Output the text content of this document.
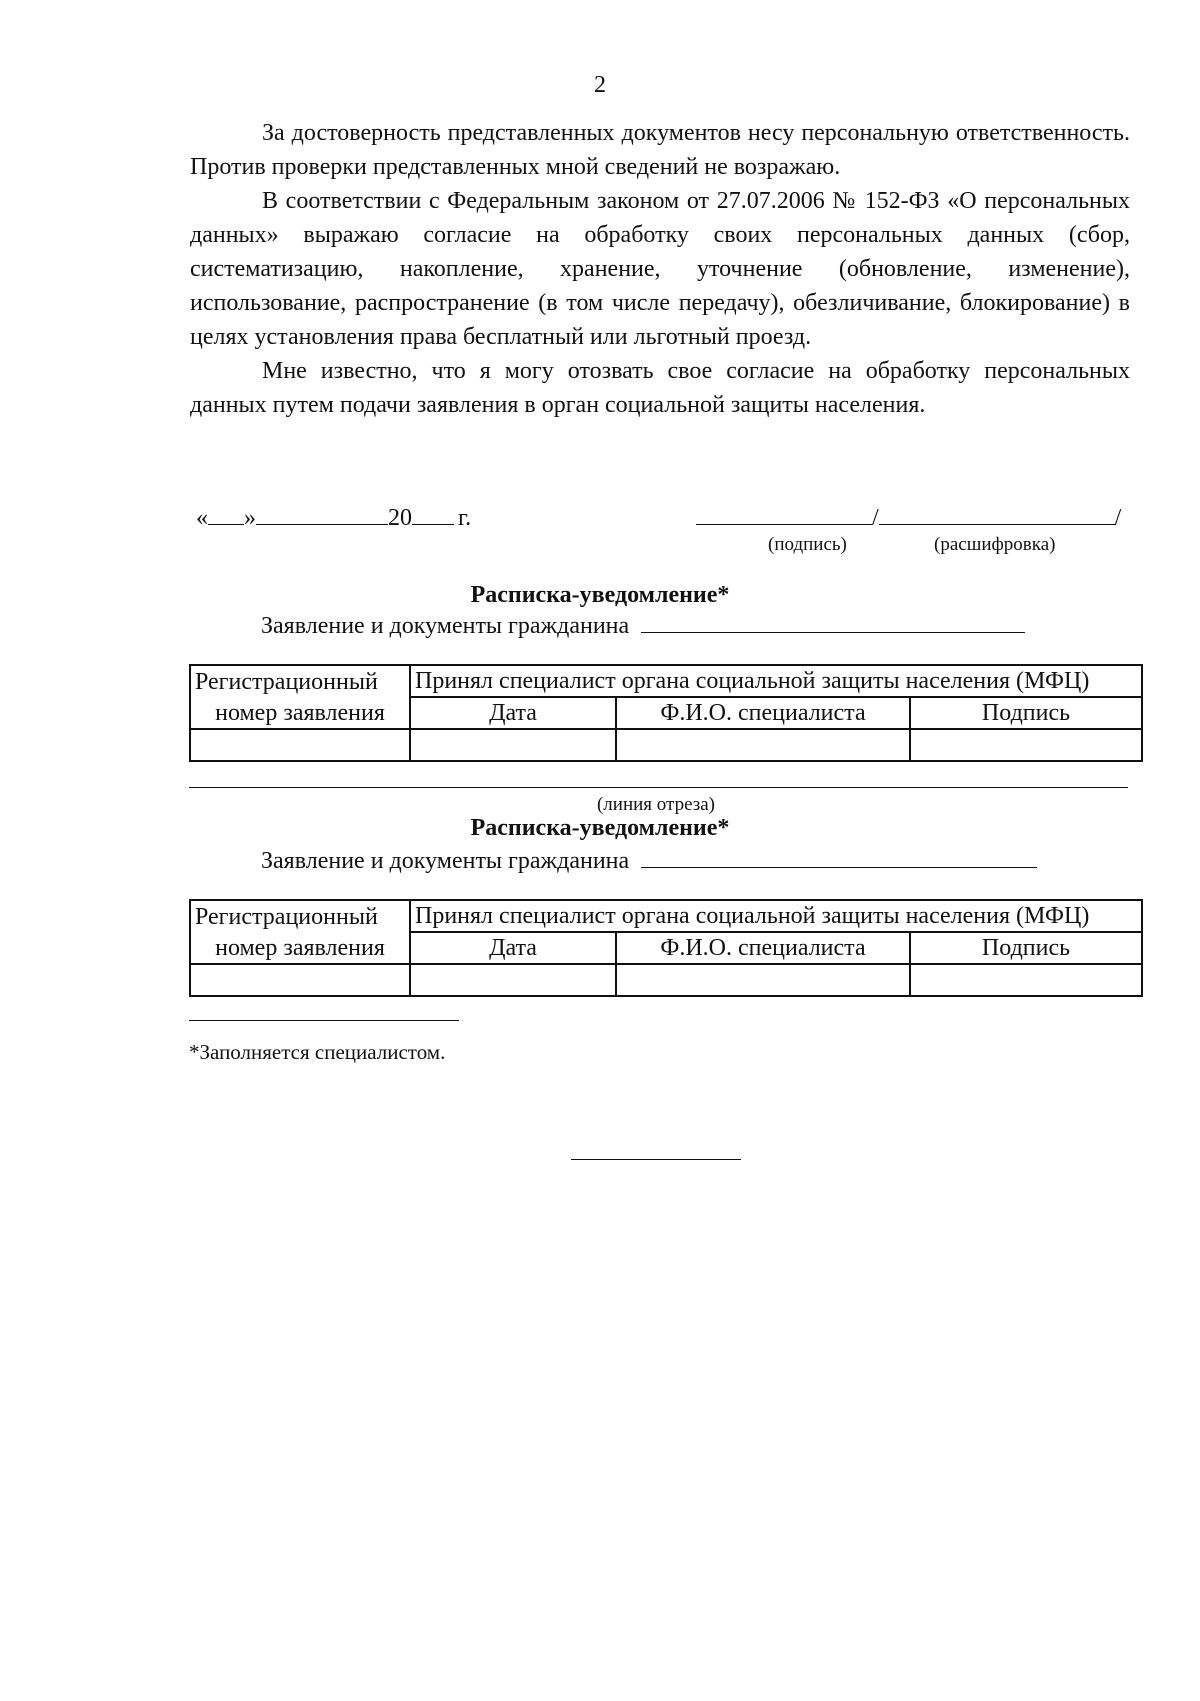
2

За достоверность представленных документов несу персональную ответственность. Против проверки представленных мной сведений не возражаю.

В соответствии с Федеральным законом от 27.07.2006 № 152-ФЗ «О персональных данных» выражаю согласие на обработку своих персональных данных (сбор, систематизацию, накопление, хранение, уточнение (обновление, изменение), использование, распространение (в том числе передачу), обезличивание, блокирование) в целях установления права бесплатный или льготный проезд.

Мне известно, что я могу отозвать свое согласие на обработку персональных данных путем подачи заявления в орган социальной защиты населения.

« »	20 г.	/	/
(подпись)	(расшифровка)
Расписка-уведомление*
Заявление и документы гражданина
Регистрационный	Принял специалист органа социальной защиты населения (МФЦ)		
номер заявления	Дата	Ф.И.О. специалиста	Подпись

(линия отреза)
Расписка-уведомление*
Заявление и документы гражданина
Регистрационный	Принял специалист органа социальной защиты населения (МФЦ)		
номер заявления	Дата	Ф.И.О. специалиста	Подпись

*Заполняется специалистом.
